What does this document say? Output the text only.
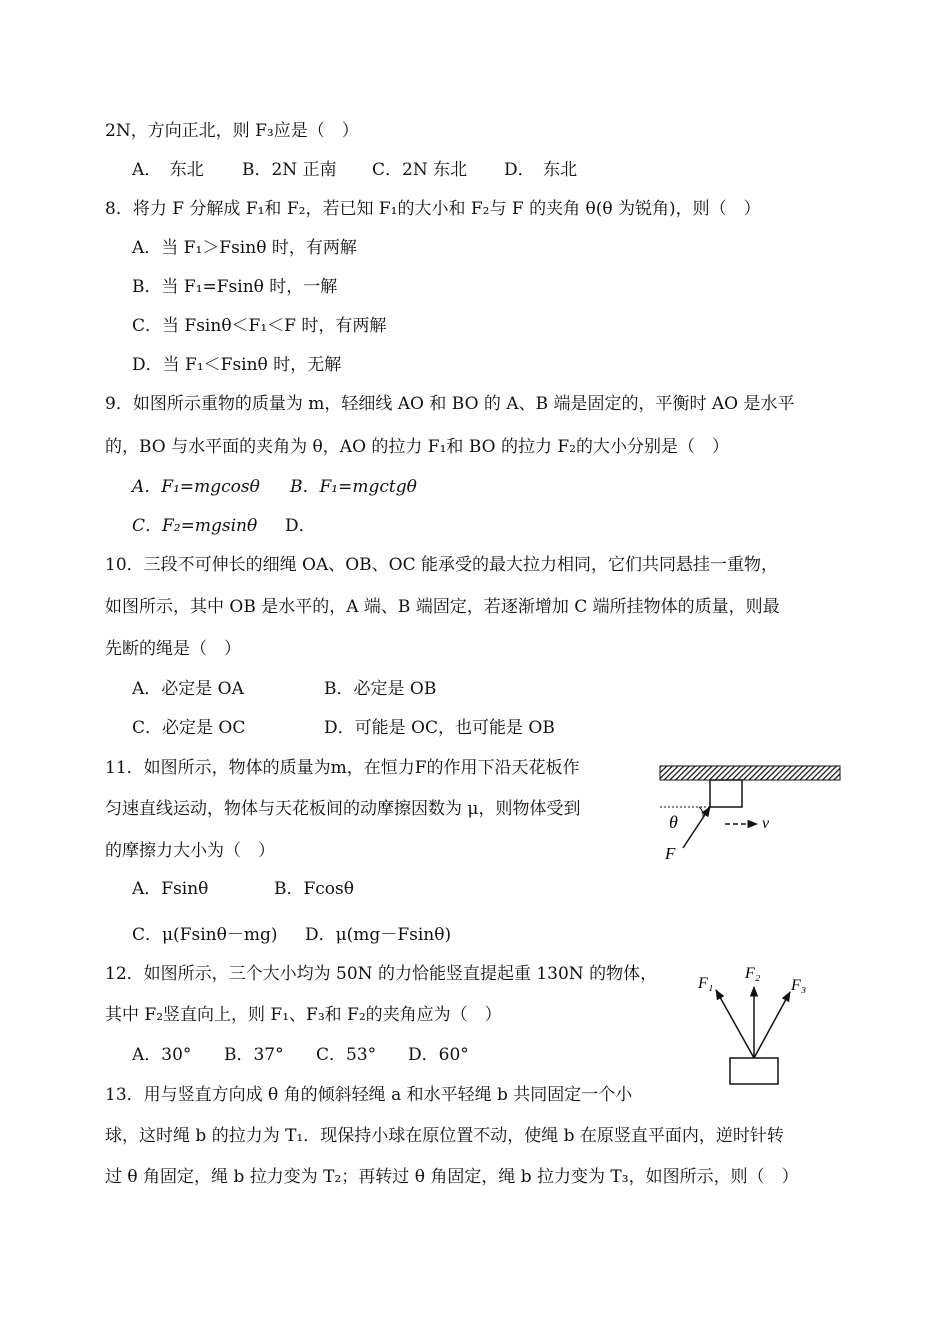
2N，方向正北，则 F₃应是（　）
A．　东北 B．2N 正南 C．2N 东北 D．　东北
8．将力 F 分解成 F₁和 F₂，若已知 F₁的大小和 F₂与 F 的夹角 θ(θ 为锐角)，则（　）
A．当 F₁＞Fsinθ 时，有两解
B．当 F₁=Fsinθ 时，一解
C．当 Fsinθ＜F₁＜F 时，有两解
D．当 F₁＜Fsinθ 时，无解
9．如图所示重物的质量为 m，轻细线 AO 和 BO 的 A、B 端是固定的，平衡时 AO 是水平
的，BO 与水平面的夹角为 θ，AO 的拉力 F₁和 BO 的拉力 F₂的大小分别是（　）
A．F₁=mgcosθ B．F₁=mgctgθ
C．F₂=mgsinθ D．
10．三段不可伸长的细绳 OA、OB、OC 能承受的最大拉力相同，它们共同悬挂一重物，
如图所示，其中 OB 是水平的，A 端、B 端固定，若逐渐增加 C 端所挂物体的质量，则最
先断的绳是（　）
A．必定是 OA	B．必定是 OB
C．必定是 OC	D．可能是 OC，也可能是 OB
11．如图所示，物体的质量为m，在恒力F的作用下沿天花板作
匀速直线运动，物体与天花板间的动摩擦因数为 μ，则物体受到
的摩擦力大小为（　）
A．Fsinθ	B．Fcosθ
C．μ(Fsinθ－mg) D．μ(mg－Fsinθ)
12．如图所示，三个大小均为 50N 的力恰能竖直提起重 130N 的物体，
其中 F₂竖直向上，则 F₁、F₃和 F₂的夹角应为（　）
A．30° B．37° C．53° D．60°
13．用与竖直方向成 θ 角的倾斜轻绳 a 和水平轻绳 b 共同固定一个小
球，这时绳 b 的拉力为 T₁．现保持小球在原位置不动，使绳 b 在原竖直平面内，逆时针转
过 θ 角固定，绳 b 拉力变为 T₂；再转过 θ 角固定，绳 b 拉力变为 T₃，如图所示，则（　）
θ	v
F
F₁
F₂
F₃
